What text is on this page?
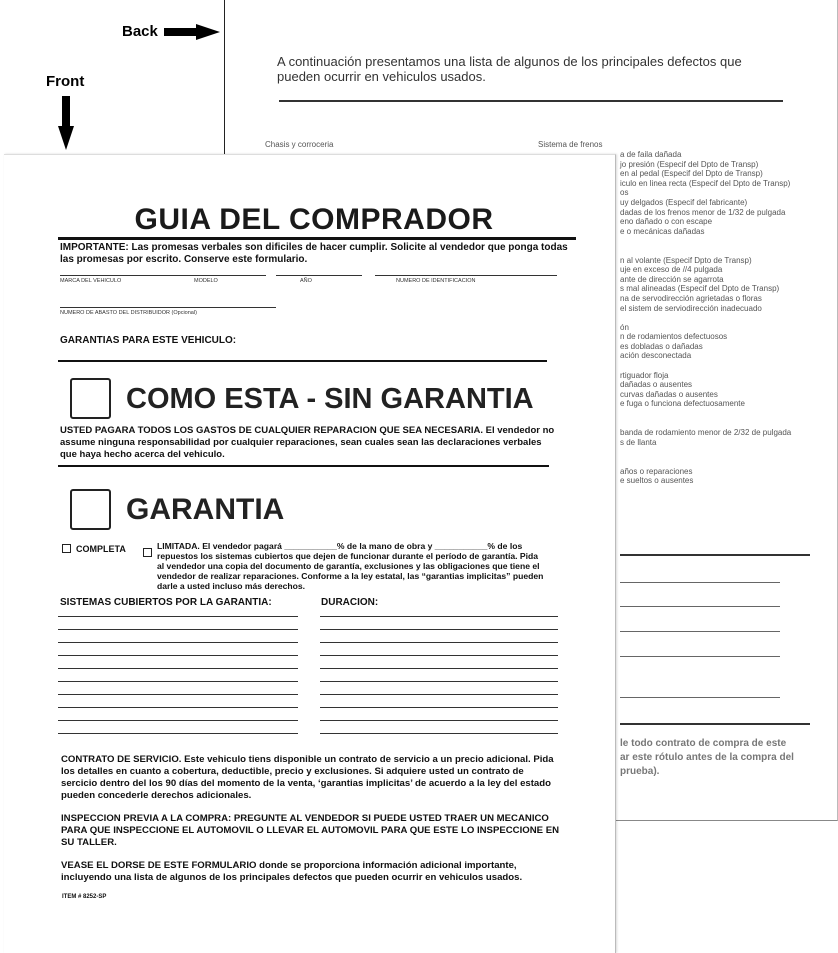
Back
Front
A continuación presentamos una lista de algunos de los principales defectos que pueden ocurrir en vehiculos usados.
Chasis y corroceria	Sistema de frenos
a de faila dañada
jo presión (Especif del Dpto de Transp)
en al pedal (Especif del Dpto de Transp)
iculo en linea recta (Especif del Dpto de Transp)
os
uy delgados (Especif del fabricante)
dadas de los frenos menor de 1/32 de pulgada
eno dañado o con escape
e o mecánicas dañadas
n al volante (Especif Dpto de Transp)
uje en exceso de //4 pulgada
ante de dirección se agarrota
s mal alineadas (Especif del Dpto de Transp)
na de servodirección agrietadas o floras
el sistem de serviodirección inadecuado
ón
n de rodamientos defectuosos
es dobladas o dañadas
ación desconectada
rtiguador floja
dañadas o ausentes
curvas dañadas o ausentes
e fuga o funciona defectuosamente
banda de rodamiento menor de 2/32 de pulgada
s de llanta
años o reparaciones
e sueltos o ausentes
le todo contrato de compra de este
ar este rótulo antes de la compra del
prueba).
GUIA DEL COMPRADOR
IMPORTANTE: Las promesas verbales son dificiles de hacer cumplir. Solicite al vendedor que ponga todas las promesas por escrito. Conserve este formulario.
MARCA DEL VEHICULO	MODELO	AÑO	NUMERO DE IDENTIFICACION
NUMERO DE ABASTO DEL DISTRIBUIDOR (Opcional)
GARANTIAS PARA ESTE VEHICULO:
COMO ESTA - SIN GARANTIA
USTED PAGARA TODOS LOS GASTOS DE CUALQUIER REPARACION QUE SEA NECESARIA. El vendedor no assume ninguna responsabilidad por cualquier reparaciones, sean cuales sean las declaraciones verbales que haya hecho acerca del vehiculo.
GARANTIA
COMPLETA	LIMITADA. El vendedor pagará ___________% de la mano de obra y ___________% de los repuestos los sistemas cubiertos que dejen de funcionar durante el período de garantía. Pida al vendedor una copia del documento de garantía, exclusiones y las obligaciones que tiene el vendedor de realizar reparaciones. Conforme a la ley estatal, las “garantias implicitas” pueden darle a usted incluso más derechos.
SISTEMAS CUBIERTOS POR LA GARANTIA:	DURACION:
CONTRATO DE SERVICIO. Este vehiculo tiens disponible un contrato de servicio a un precio adicional. Pida los detalles en cuanto a cobertura, deductible, precio y exclusiones. Si adquiere usted un contrato de sercicio dentro del los 90 días del momento de la venta, ‘garantias implicitas’ de acuerdo a la ley del estado pueden concederle derechos adicionales.
INSPECCION PREVIA A LA COMPRA: PREGUNTE AL VENDEDOR SI PUEDE USTED TRAER UN MECANICO PARA QUE INSPECCIONE EL AUTOMOVIL O LLEVAR EL AUTOMOVIL PARA QUE ESTE LO INSPECCIONE EN SU TALLER.
VEASE EL DORSE DE ESTE FORMULARIO donde se proporciona información adicional importante, incluyendo una lista de algunos de los principales defectos que pueden ocurrir en vehiculos usados.
ITEM # 8252-SP
